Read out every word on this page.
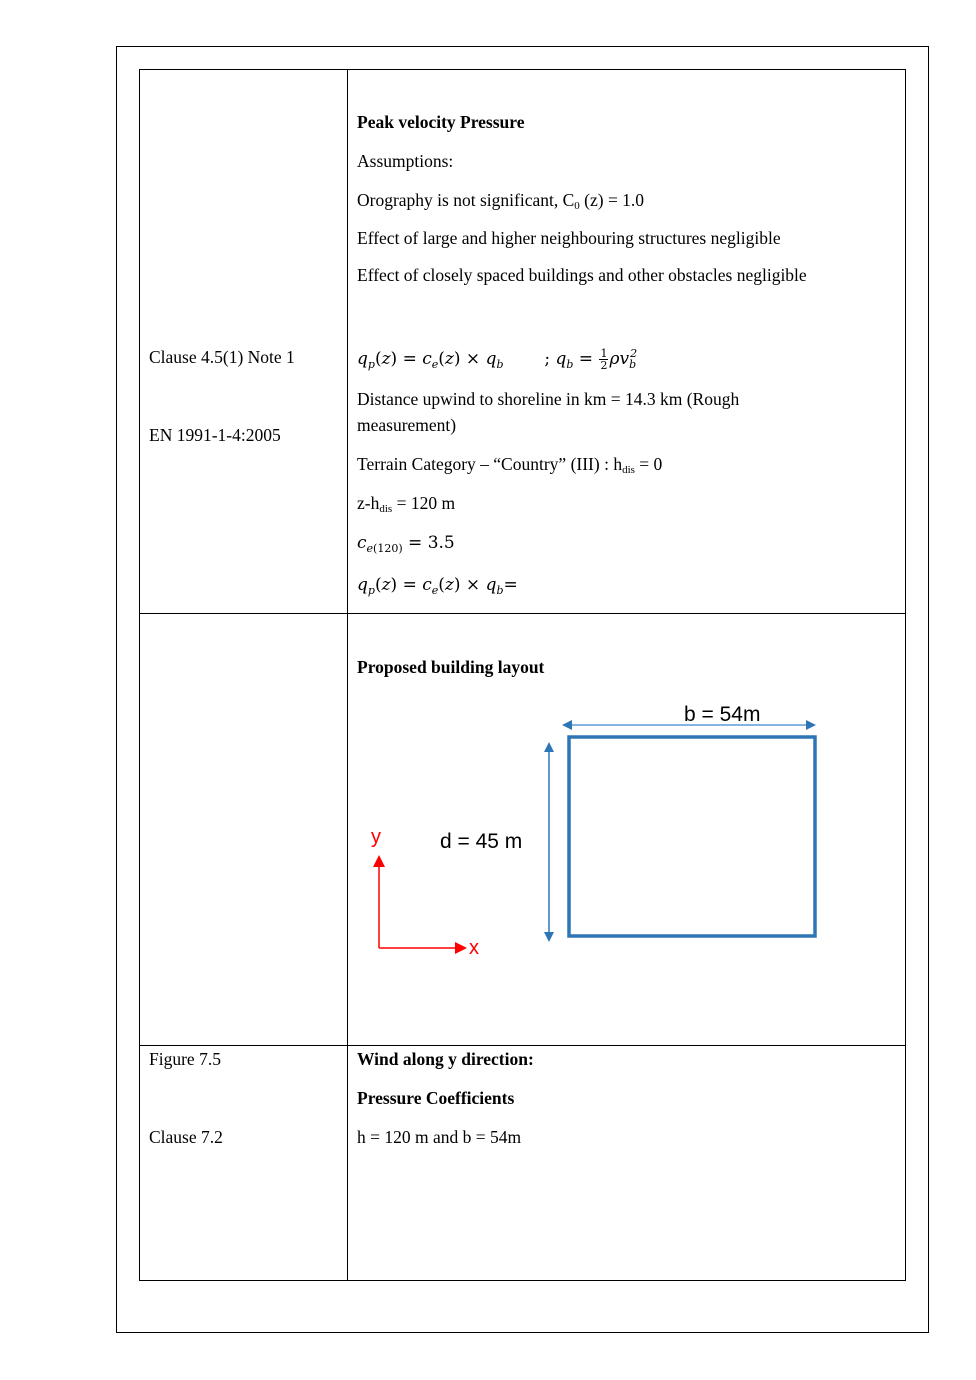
Clause 4.5(1) Note 1
EN 1991-1-4:2005
Peak velocity Pressure
Assumptions:
Orography is not significant, $C_0$ (z) = 1.0
Effect of large and higher neighbouring structures negligible
Effect of closely spaced buildings and other obstacles negligible
$q_p(z) = c_e(z) \times q_b$ ; $q_b = \frac{1}{2} \rho v_b^2$
Distance upwind to shoreline in km = 14.3 km (Rough
measurement)
Terrain Category – “Country” (III) : $h_{dis} = 0$
$z-h_{dis} = 120$ m
$c_{e(120)} = 3.5$
$q_p(z) = c_e(z) \times q_b=$
Proposed building layout
b = 54m
d = 45 m
y
x
Figure 7.5
Clause 7.2
Wind along y direction:
Pressure Coefficients
h = 120 m and b = 54m
